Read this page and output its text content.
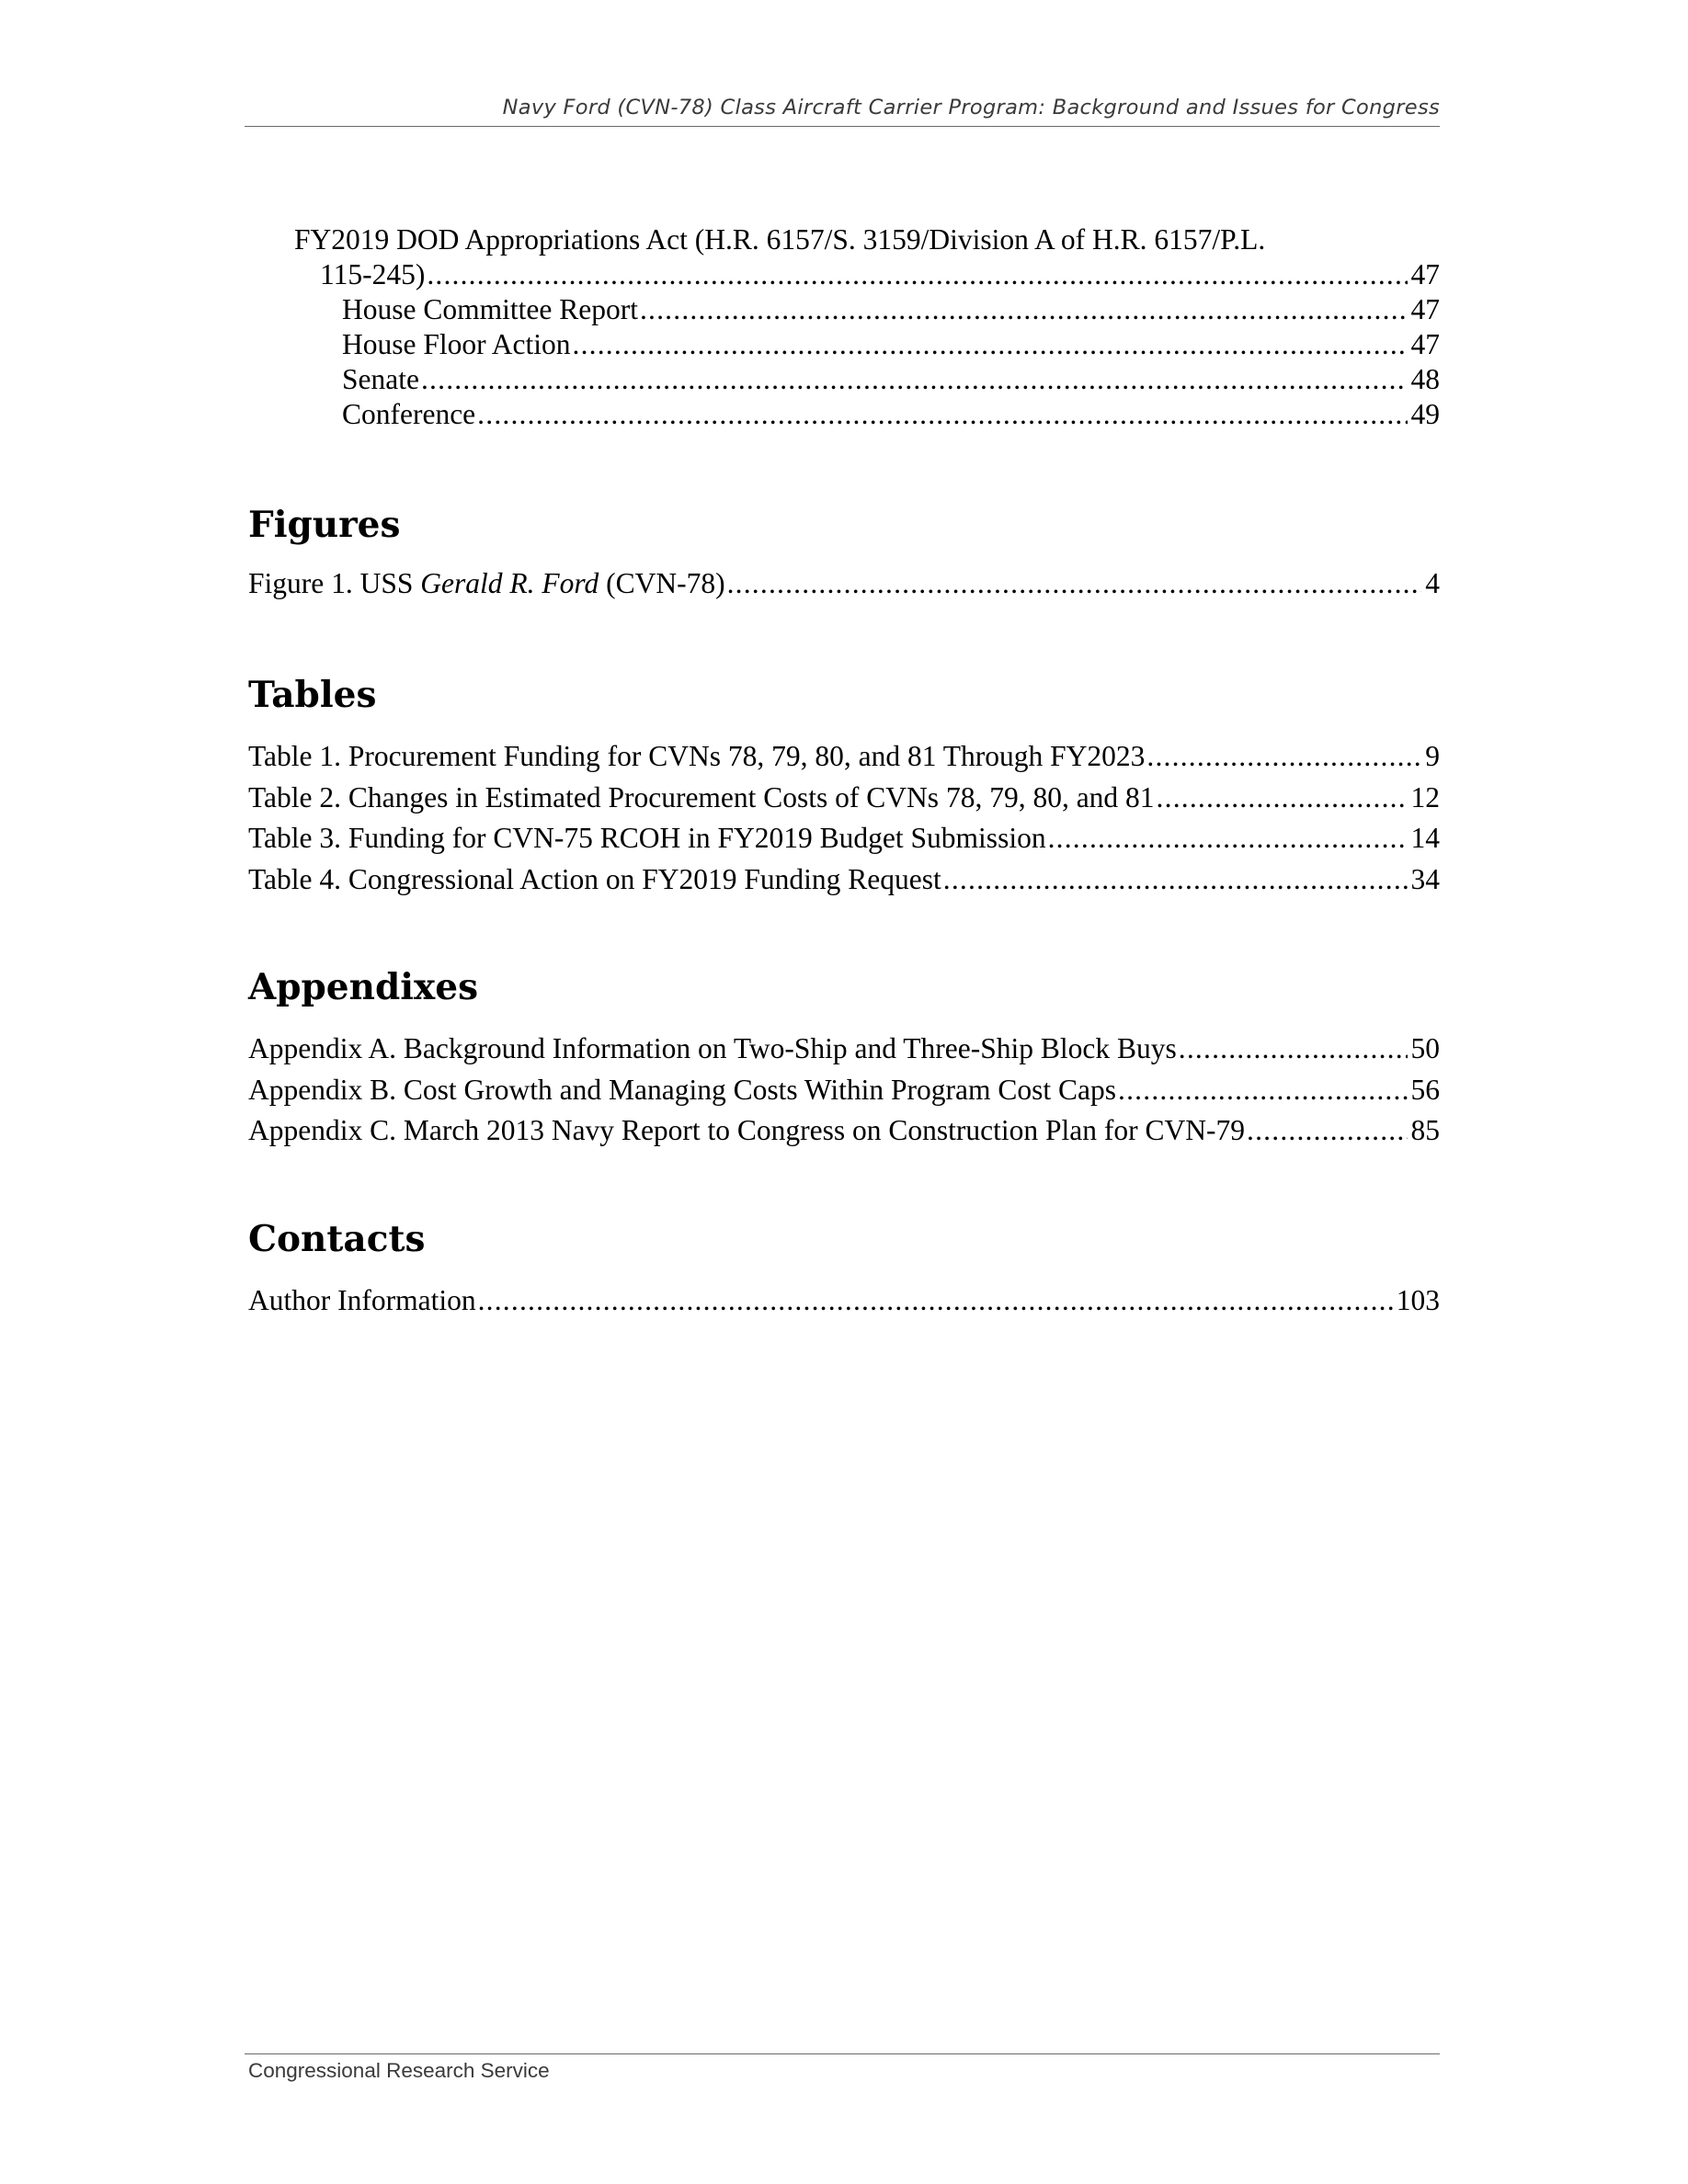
Navy Ford (CVN-78) Class Aircraft Carrier Program: Background and Issues for Congress
FY2019 DOD Appropriations Act (H.R. 6157/S. 3159/Division A of H.R. 6157/P.L.
115-245) .....	47
House Committee Report .....	47
House Floor Action .....	47
Senate .....	48
Conference .....	49
Figures
Figure 1. USS Gerald R. Ford (CVN-78) .....	4
Tables
Table 1. Procurement Funding for CVNs 78, 79, 80, and 81 Through FY2023 .....	9
Table 2. Changes in Estimated Procurement Costs of CVNs 78, 79, 80, and 81 .....	12
Table 3. Funding for CVN-75 RCOH in FY2019 Budget Submission .....	14
Table 4. Congressional Action on FY2019 Funding Request .....	34
Appendixes
Appendix A. Background Information on Two-Ship and Three-Ship Block Buys .....	50
Appendix B. Cost Growth and Managing Costs Within Program Cost Caps .....	56
Appendix C. March 2013 Navy Report to Congress on Construction Plan for CVN-79 .....	85
Contacts
Author Information .....	103
Congressional Research Service
